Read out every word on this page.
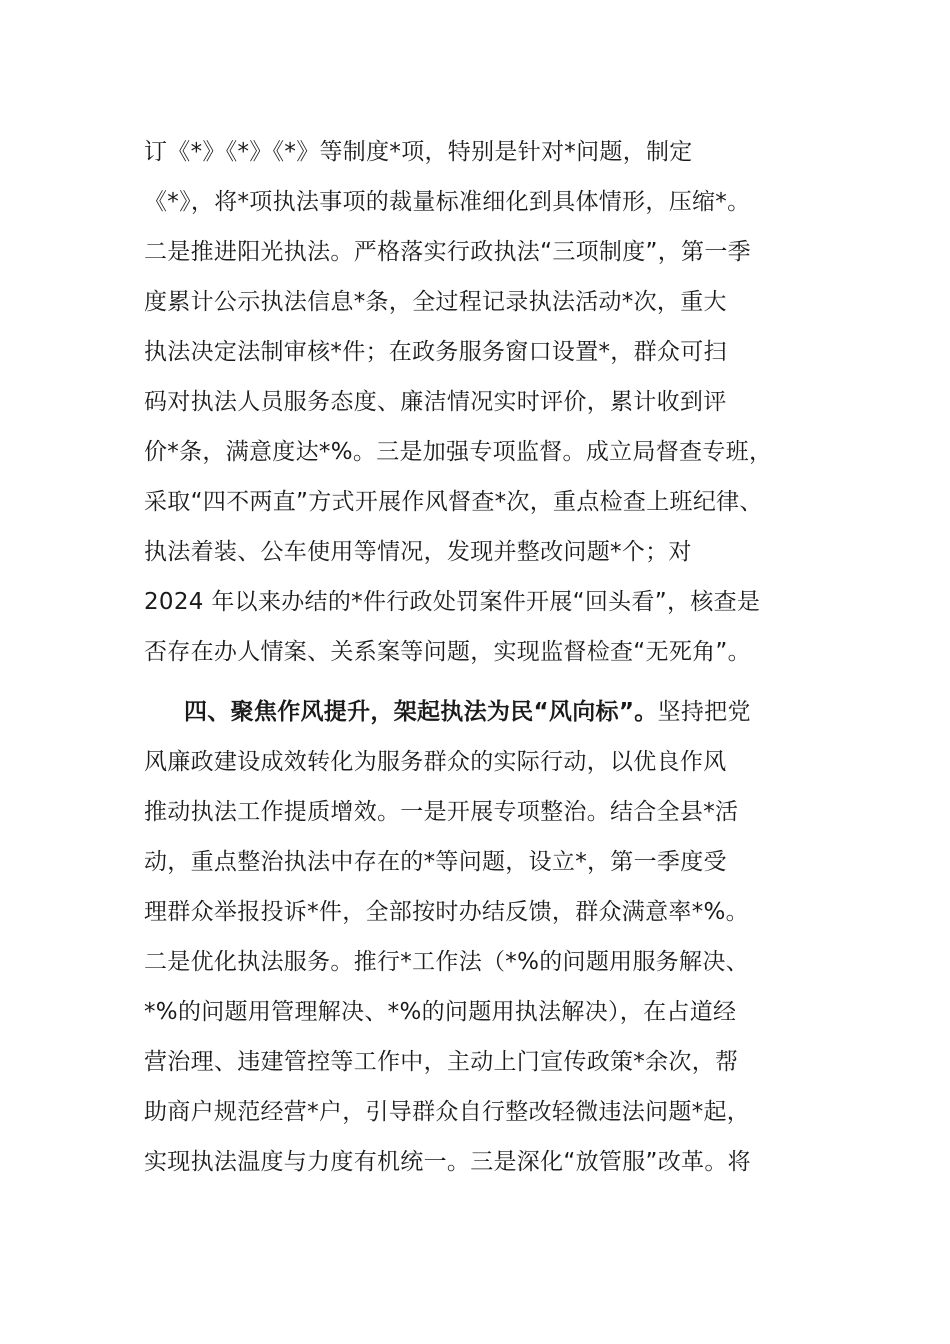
订《*》《*》《*》等制度*项，特别是针对*问题，制定
《*》，将*项执法事项的裁量标准细化到具体情形，压缩*。
二是推进阳光执法。严格落实行政执法“三项制度”，第一季
度累计公示执法信息*条，全过程记录执法活动*次，重大
执法决定法制审核*件；在政务服务窗口设置*，群众可扫
码对执法人员服务态度、廉洁情况实时评价，累计收到评
价*条，满意度达*%。三是加强专项监督。成立局督查专班，
采取“四不两直”方式开展作风督查*次，重点检查上班纪律、
执法着装、公车使用等情况，发现并整改问题*个；对
2024 年以来办结的*件行政处罚案件开展“回头看”，核查是
否存在办人情案、关系案等问题，实现监督检查“无死角”。
四、聚焦作风提升，架起执法为民“风向标”。坚持把党
风廉政建设成效转化为服务群众的实际行动，以优良作风
推动执法工作提质增效。一是开展专项整治。结合全县*活
动，重点整治执法中存在的*等问题，设立*，第一季度受
理群众举报投诉*件，全部按时办结反馈，群众满意率*%。
二是优化执法服务。推行*工作法（*%的问题用服务解决、
*%的问题用管理解决、*%的问题用执法解决），在占道经
营治理、违建管控等工作中，主动上门宣传政策*余次，帮
助商户规范经营*户，引导群众自行整改轻微违法问题*起，
实现执法温度与力度有机统一。三是深化“放管服”改革。将
